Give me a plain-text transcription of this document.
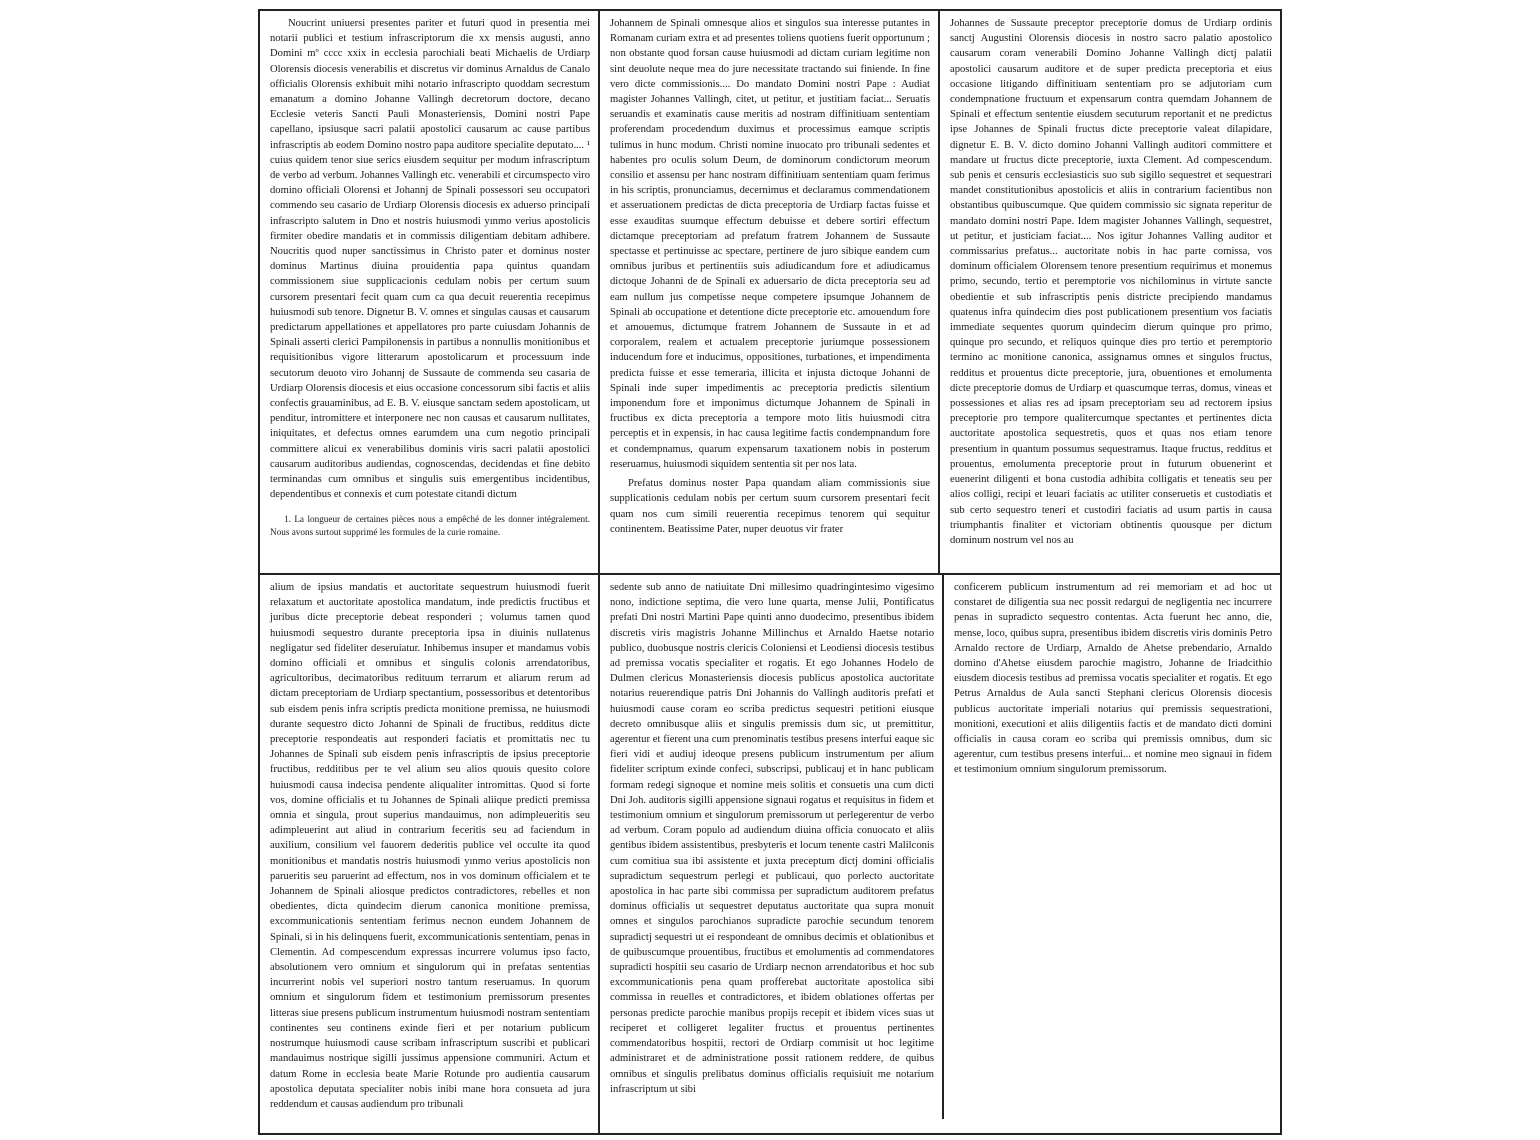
Noucrint uniuersi presentes pariter et futuri quod in presentia mei notarii publici et testium infrascriptorum die xx mensis augusti, anno Domini mº cccc xxix in ecclesia parochiali beati Michaelis de Urdiarp Olorensis diocesis venerabilis et discretus vir dominus Arnaldus de Canalo officialis Olorensis exhibuit mihi notario infrascripto quoddam secrestum emanatum a domino Johanne Vallingh decretorum doctore, decano Ecclesie veteris Sancti Pauli Monasteriensis, Domini nostri Pape capellano, ipsiusque sacri palatii apostolici causarum ac cause partibus infrascriptis ab eodem Domino nostro papa auditore specialite deputato.... ¹ cuius quidem tenor siue serics eiusdem sequitur per modum infrascriptum de verbo ad verbum. Johannes Vallingh etc. venerabili et circumspecto viro domino officiali Olorensi et Johannj de Spinali possessori seu occupatori commendo seu casario de Urdiarp Olorensis diocesis ex aduerso principali infrascripto salutem in Dno et nostris huiusmodi yınmo verius apostolicis firmiter obedire mandatis et in commissis diligentiam debitam adhibere. Noucritis quod nuper sanctissimus in Christo pater et dominus noster dominus Martinus diuina prouidentia papa quintus quandam commissionem siue supplicacionis cedulam nobis per certum suum cursorem presentari fecit quam cum ca qua decuit reuerentia recepimus huiusmodi sub tenore. Dignetur B. V. omnes et singulas causas et causarum predictarum appellationes et appellatores pro parte cuiusdam Johannis de Spinali asserti clerici Pampilonensis in partibus a nonnullis monitionibus et requisitionibus vigore litterarum apostolicarum et processuum inde secutorum deuoto viro Johannj de Sussaute de commenda seu casaria de Urdiarp Olorensis diocesis et eius occasione concessorum sibi factis et aliis confectis grauaminibus, ad E. B. V. eiusque sanctam sedem apostolicam, ut penditur, intromittere et interponere nec non causas et causarum nullitates, iniquitates, et defectus omnes earumdem una cum negotio principali committere alicui ex venerabilibus dominis viris sacri palatii apostolici causarum auditoribus audiendas, cognoscendas, decidendas et fine debito terminandas cum omnibus et singulis suis emergentibus incidentibus, dependentibus et connexis et cum potestate citandi dictum

1. La longueur de certaines pièces nous a empêché de les donner intégralement. Nous avons surtout supprimé les formules de la curie romaine.

Johannem de Spinali omnesque alios et singulos sua interesse putantes in Romanam curiam extra et ad presentes toliens quotiens fuerit opportunum ; non obstante quod forsan cause huiusmodi ad dictam curiam legitime non sint deuolute neque mea do jure necessitate tractando sui finiende. In fine vero dicte commissionis.... Do mandato Domini nostri Pape : Audiat magister Johannes Vallingh, citet, ut petitur, et justitiam faciat... Seruatis seruandis et examinatis cause meritis ad nostram diffinitiuam sententiam proferendam procedendum duximus et processimus eamque scriptis tulimus in hunc modum. Christi nomine inuocato pro tribunali sedentes et habentes pro oculis solum Deum, de dominorum condictorum meorum consilio et assensu per hanc nostram diffinitiuam sententiam quam ferimus in his scriptis, pronunciamus, decernimus et declaramus commendationem et asseruationem predictas de dicta preceptoria de Urdiarp factas fuisse et esse exauditas suumque effectum debuisse et debere sortiri effectum dictamque preceptoriam ad prefatum fratrem Johannem de Sussaute spectasse et pertinuisse ac spectare, pertinere de juro sibique eandem cum omnibus juribus et pertinentiis suis adiudicandum fore et adiudicamus dictoque Johanni de de Spinali ex aduersario de dicta preceptoria seu ad eam nullum jus competisse neque competere ipsumque Johannem de Spinali ab occupatione et detentione dicte preceptorie etc. amouendum fore et amouemus, dictumque fratrem Johannem de Sussaute in et ad corporalem, realem et actualem preceptorie juriumque possessionem inducendum fore et inducimus, oppositiones, turbationes, et impendimenta predicta fuisse et esse temeraria, illicita et injusta dictoque Johanni de Spinali inde super impedimentis ac preceptoria predictis silentium imponendum fore et imponimus dictumque Johannem de Spinali in fructibus ex dicta preceptoria a tempore moto litis huiusmodi citra perceptis et in expensis, in hac causa legitime factis condempnandum fore et condempnamus, quarum expensarum taxationem nobis in posterum reseruamus, huiusmodi siquidem sententia sit per nos lata.

Prefatus dominus noster Papa quandam aliam commissionis siue supplicationis cedulam nobis per certum suum cursorem presentari fecit quam nos cum simili reuerentia recepimus tenorem qui sequitur continentem. Beatissime Pater, nuper deuotus vir frater

Johannes de Sussaute preceptor preceptorie domus de Urdiarp ordinis sanctj Augustini Olorensis diocesis in nostro sacro palatio apostolico causarum coram venerabili Domino Johanne Vallingh dictj palatii apostolici causarum auditore et de super predicta preceptoria et eius occasione litigando diffinitiuam sententiam pro se adjutoriam cum condempnatione fructuum et expensarum contra quemdam Johannem de Spinali et effectum sententie eiusdem secuturum reportanit et ne predictus ipse Johannes de Spinali fructus dicte preceptorie valeat dilapidare, dignetur E. B. V. dicto domino Johanni Vallingh auditori committere et mandare ut fructus dicte preceptorie, iuxta Clement. Ad compescendum. sub penis et censuris ecclesiasticis suo sub sigillo sequestret et sequestrari mandet constitutionibus apostolicis et aliis in contrarium facientibus non obstantibus quibuscumque. Que quidem commissio sic signata reperitur de mandato domini nostri Pape. Idem magister Johannes Vallingh, sequestret, ut petitur, et justiciam faciat.... Nos igitur Johannes Valling auditor et commissarius prefatus... auctoritate nobis in hac parte comissa, vos dominum officialem Olorensem tenore presentium requirimus et monemus primo, secundo, tertio et peremptorie vos nichilominus in virtute sancte obedientie et sub infrascriptis penis districte precipiendo mandamus quatenus infra quindecim dies post publicationem presentium vos faciatis immediate sequentes quorum quindecim dierum quinque pro primo, quinque pro secundo, et reliquos quinque dies pro tertio et peremptorio termino ac monitione canonica, assignamus omnes et singulos fructus, redditus et prouentus dicte preceptorie, jura, obuentiones et emolumenta dicte preceptorie domus de Urdiarp et quascumque terras, domus, vineas et possessiones et alias res ad ipsam preceptoriam seu ad rectorem ipsius preceptorie pro tempore qualitercumque spectantes et pertinentes dicta auctoritate apostolica sequestretis, quos et quas nos etiam tenore presentium in quantum possumus sequestramus. Itaque fructus, redditus et prouentus, emolumenta preceptorie prout in futurum obuenerint et euenerint diligenti et bona custodia adhibita colligatis et teneatis seu per alios colligi, recipi et leuari faciatis ac utiliter conseruetis et custodiatis et sub certo sequestro teneri et custodiri faciatis ad usum partis in causa triumphantis finaliter et victoriam obtinentis quousque per dictum dominum nostrum vel nos au

alium de ipsius mandatis et auctoritate sequestrum huiusmodi fuerit relaxatum et auctoritate apostolica mandatum, inde predictis fructibus et juribus dicte preceptorie debeat responderi ; volumus tamen quod huiusmodi sequestro durante preceptoria ipsa in diuinis nullatenus negligatur sed fideliter deseruiatur. Inhibemus insuper et mandamus vobis domino officiali et omnibus et singulis colonis arrendatoribus, agricultoribus, decimatoribus redituum terrarum et aliarum rerum ad dictam preceptoriam de Urdiarp spectantium, possessoribus et detentoribus sub eisdem penis infra scriptis predicta monitione premissa, ne huiusmodi durante sequestro dicto Johanni de Spinali de fructibus, redditus dicte preceptorie respondeatis aut responderi faciatis et promittatis nec tu Johannes de Spinali sub eisdem penis infrascriptis de ipsius preceptorie fructibus, redditibus per te vel alium seu alios quouis quesito colore huiusmodi causa indecisa pendente aliqualiter intromittas. Quod si forte vos, domine officialis et tu Johannes de Spinali aliique predicti premissa omnia et singula, prout superius mandauimus, non adimpleueritis seu adimpleuerint aut aliud in contrarium feceritis seu ad faciendum in auxilium, consilium vel fauorem dederitis publice vel occulte ita quod monitionibus et mandatis nostris huiusmodi yınmo verius apostolicis non parueritis seu paruerint ad effectum, nos in vos dominum officialem et te Johannem de Spinali aliosque predictos contradictores, rebelles et non obedientes, dicta quindecim dierum canonica monitione premissa, excommunicationis sententiam ferimus necnon eundem Johannem de Spinali, si in his delinquens fuerit, excommunicationis sententiam, penas in Clementin. Ad compescendum expressas incurrere volumus ipso facto, absolutionem vero omnium et singulorum qui in prefatas sententias incurrerint nobis vel superiori nostro tantum reseruamus. In quorum omnium et singulorum fidem et testimonium premissorum presentes litteras siue presens publicum instrumentum huiusmodi nostram sententiam continentes seu continens exinde fieri et per notarium publicum nostrumque huiusmodi cause scribam infrascriptum suscribi et publicari mandauimus nostrique sigilli jussimus appensione communiri. Actum et datum Rome in ecclesia beate Marie Rotunde pro audientia causarum apostolica deputata specialiter nobis inibi mane hora consueta ad jura reddendum et causas audiendum pro tribunali

sedente sub anno de natiuitate Dni millesimo quadringintesimo vigesimo nono, indictione septima, die vero lune quarta, mense Julii, Pontificatus prefati Dni nostri Martini Pape quinti anno duodecimo, presentibus ibidem discretis viris magistris Johanne Millinchus et Arnaldo Haetse notario publico, duobusque nostris clericis Coloniensi et Leodiensi diocesis testibus ad premissa vocatis specialiter et rogatis. Et ego Johannes Hodelo de Dulmen clericus Monasteriensis diocesis publicus apostolica auctoritate notarius reuerendique patris Dni Johannis do Vallingh auditoris prefati et huiusmodi cause coram eo scriba predictus sequestri petitioni eiusque decreto omnibusque aliis et singulis premissis dum sic, ut premittitur, agerentur et fierent una cum prenominatis testibus presens interfui eaque sic fieri vidi et audiuj ideoque presens publicum instrumentum per alium fideliter scriptum exinde confeci, subscripsi, publicauj et in hanc publicam formam redegi signoque et nomine meis solitis et consuetis una cum dicti Dni Joh. auditoris sigilli appensione signaui rogatus et requisitus in fidem et testimonium omnium et singulorum premissorum ut perlegerentur de verbo ad verbum. Coram populo ad audiendum diuina officia conuocato et aliis gentibus ibidem assistentibus, presbyteris et locum tenente castri Malilconis cum comitiua sua ibi assistente et juxta preceptum dictj domini officialis supradictum sequestrum perlegi et publicaui, quo porlecto auctoritate apostolica in hac parte sibi commissa per supradictum auditorem prefatus dominus officialis ut sequestret deputatus auctoritate qua supra monuit omnes et singulos parochianos supradicte parochie secundum tenorem supradictj sequestri ut ei respondeant de omnibus decimis et oblationibus et de quibuscumque prouentibus, fructibus et emolumentis ad commendatores supradicti hospitii seu casario de Urdiarp necnon arrendatoribus et hoc sub excommunicationis pena quam profferebat auctoritate apostolica sibi commissa in reuelles et contradictores, et ibidem oblationes offertas per personas predicte parochie manibus propijs recepit et ibidem vices suas ut reciperet et colligeret legaliter fructus et prouentus pertinentes commendatoribus hospitii, rectori de Ordiarp commisit ut hoc legitime administraret et de administratione possit rationem reddere, de quibus omnibus et singulis prelibatus dominus officialis requisiuit me notarium infrascriptum ut sibi

conficerem publicum instrumentum ad rei memoriam et ad hoc ut constaret de diligentia sua nec possit redargui de negligentia nec incurrere penas in supradicto sequestro contentas. Acta fuerunt hec anno, die, mense, loco, quibus supra, presentibus ibidem discretis viris dominis Petro Arnaldo rectore de Urdiarp, Arnaldo de Ahetse prebendario, Arnaldo domino d'Ahetse eiusdem parochie magistro, Johanne de Iriadcithio eiusdem diocesis testibus ad premissa vocatis specialiter et rogatis. Et ego Petrus Arnaldus de Aula sancti Stephani clericus Olorensis diocesis publicus auctoritate imperiali notarius qui premissis sequestrationi, monitioni, executioni et aliis diligentiis factis et de mandato dicti domini officialis in causa coram eo scriba qui premissis omnibus, dum sic agerentur, cum testibus presens interfui... et nomine meo signaui in fidem et testimonium omnium singulorum premissorum.
